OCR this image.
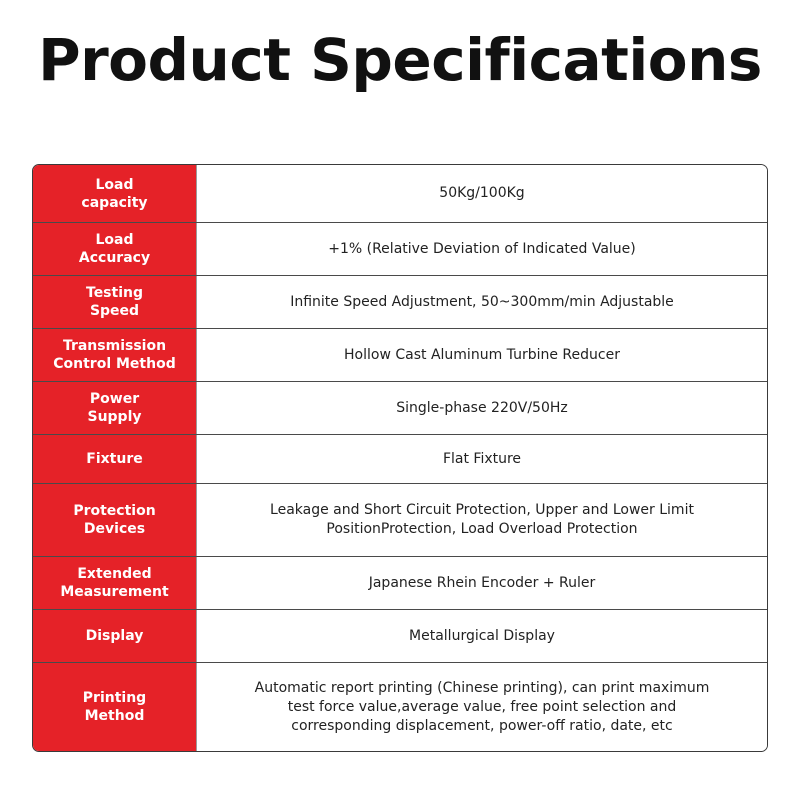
Product Specifications
Load
capacity
50Kg/100Kg
Load
Accuracy
+1% (Relative Deviation of Indicated Value)
Testing
Speed
Infinite Speed Adjustment, 50~300mm/min Adjustable
Transmission
Control Method
Hollow Cast Aluminum Turbine Reducer
Power
Supply
Single-phase 220V/50Hz
Fixture	Flat Fixture
Protection
Devices
Leakage and Short Circuit Protection, Upper and Lower Limit
PositionProtection, Load Overload Protection
Extended
Measurement
Japanese Rhein Encoder + Ruler
Display	Metallurgical Display
Printing
Method
Automatic report printing (Chinese printing), can print maximum
test force value,average value, free point selection and
corresponding displacement, power-off ratio, date, etc
